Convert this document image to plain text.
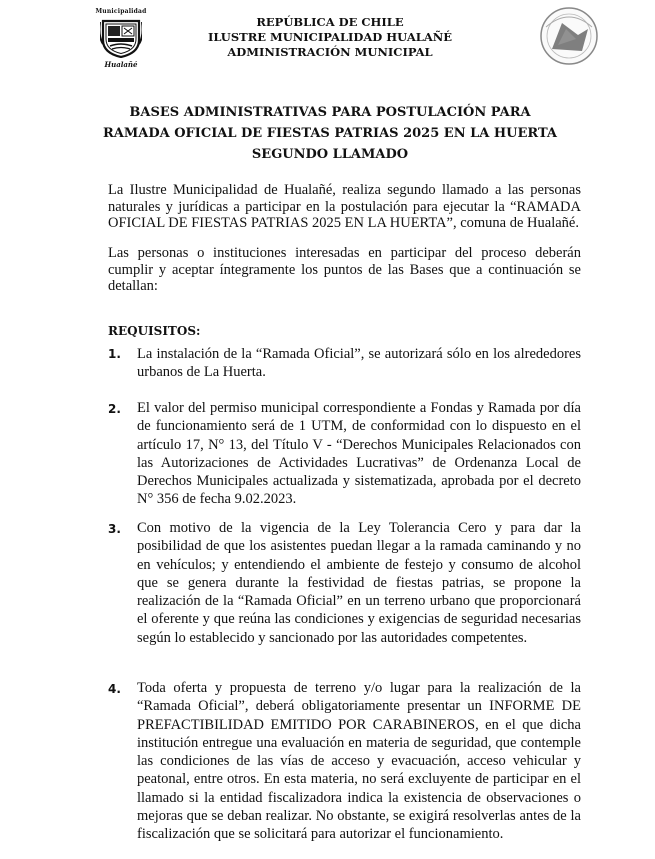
Municipalidad
Hualañé
REPÚBLICA DE CHILE
ILUSTRE MUNICIPALIDAD HUALAÑÉ
ADMINISTRACIÓN MUNICIPAL
BASES ADMINISTRATIVAS PARA POSTULACIÓN PARA
RAMADA OFICIAL DE FIESTAS PATRIAS 2025 EN LA HUERTA
SEGUNDO LLAMADO
La Ilustre Municipalidad de Hualañé, realiza segundo llamado a las personas naturales y jurídicas a participar en la postulación para ejecutar la “RAMADA OFICIAL DE FIESTAS PATRIAS 2025 EN LA HUERTA”, comuna de Hualañé.
Las personas o instituciones interesadas en participar del proceso deberán cumplir y aceptar íntegramente los puntos de las Bases que a continuación se detallan:
REQUISITOS:
1. La instalación de la “Ramada Oficial”, se autorizará sólo en los alrededores urbanos de La Huerta.
2. El valor del permiso municipal correspondiente a Fondas y Ramada por día de funcionamiento será de 1 UTM, de conformidad con lo dispuesto en el artículo 17, N° 13, del Título V - “Derechos Municipales Relacionados con las Autorizaciones de Actividades Lucrativas” de Ordenanza Local de Derechos Municipales actualizada y sistematizada, aprobada por el decreto N° 356 de fecha 9.02.2023.
3. Con motivo de la vigencia de la Ley Tolerancia Cero y para dar la posibilidad de que los asistentes puedan llegar a la ramada caminando y no en vehículos; y entendiendo el ambiente de festejo y consumo de alcohol que se genera durante la festividad de fiestas patrias, se propone la realización de la “Ramada Oficial” en un terreno urbano que proporcionará el oferente y que reúna las condiciones y exigencias de seguridad necesarias según lo establecido y sancionado por las autoridades competentes.
4. Toda oferta y propuesta de terreno y/o lugar para la realización de la “Ramada Oficial”, deberá obligatoriamente presentar un INFORME DE PREFACTIBILIDAD EMITIDO POR CARABINEROS, en el que dicha institución entregue una evaluación en materia de seguridad, que contemple las condiciones de las vías de acceso y evacuación, acceso vehicular y peatonal, entre otros. En esta materia, no será excluyente de participar en el llamado si la entidad fiscalizadora indica la existencia de observaciones o mejoras que se deban realizar. No obstante, se exigirá resolverlas antes de la fiscalización que se solicitará para autorizar el funcionamiento.
